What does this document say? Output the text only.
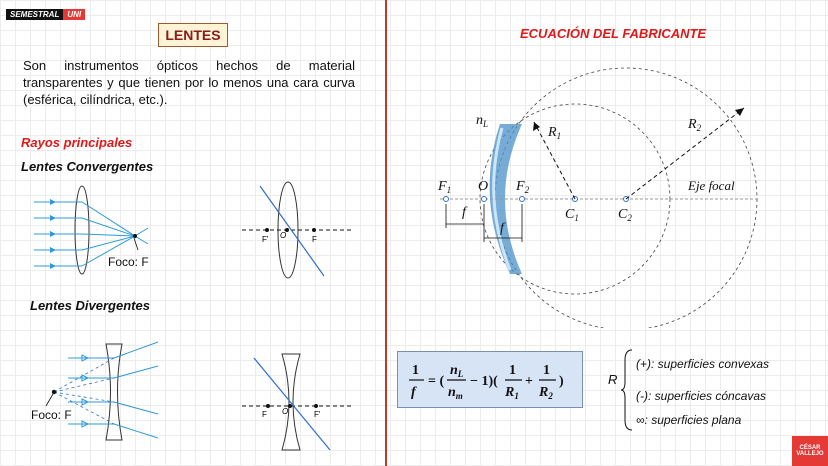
SEMESTRAL	UNI
LENTES
Son instrumentos ópticos hechos de material transparentes y que tienen por lo menos una cara curva (esférica, cilíndrica, etc.).
Rayos principales
Lentes Convergentes
Lentes Divergentes
Foco: F
F' O	F
Foco: F	F O	F'
ECUACIÓN DEL FABRICANTE
$n_L$
$R_1$
$R_2$
$F_1$ O $F_2$
$C_1$	$C_2$
Eje focal
f
f
1
f
= (
$n_L$
$n_m$
− 1)(
1
$R_1$
+
1
$R_2$
)	R
(+): superficies convexas
(-): superficies cóncavas
∞: superficies plana
CÉSAR
VALLEJO
